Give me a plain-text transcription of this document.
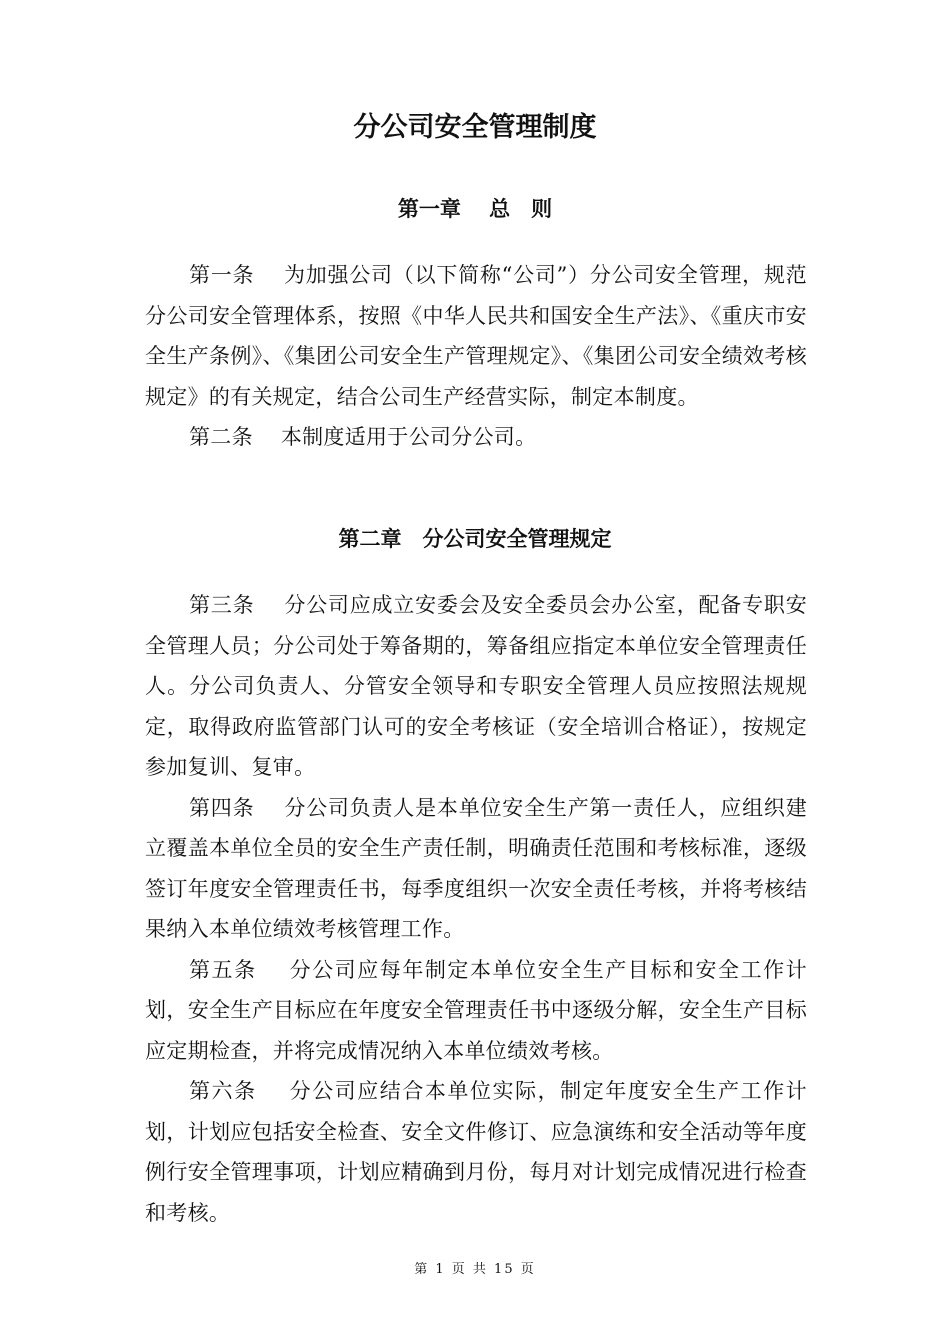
分公司安全管理制度
第一章　 总　则

第一条 为加强公司（以下简称“公司”）分公司安全管理，规范分公司安全管理体系，按照《中华人民共和国安全生产法》、《重庆市安全生产条例》、《集团公司安全生产管理规定》、《集团公司安全绩效考核规定》的有关规定，结合公司生产经营实际，制定本制度。

第二条 本制度适用于公司分公司。

第二章　分公司安全管理规定

第三条 分公司应成立安委会及安全委员会办公室，配备专职安全管理人员；分公司处于筹备期的，筹备组应指定本单位安全管理责任人。分公司负责人、分管安全领导和专职安全管理人员应按照法规规定，取得政府监管部门认可的安全考核证（安全培训合格证），按规定参加复训、复审。

第四条 分公司负责人是本单位安全生产第一责任人，应组织建立覆盖本单位全员的安全生产责任制，明确责任范围和考核标准，逐级签订年度安全管理责任书，每季度组织一次安全责任考核，并将考核结果纳入本单位绩效考核管理工作。

第五条 分公司应每年制定本单位安全生产目标和安全工作计划，安全生产目标应在年度安全管理责任书中逐级分解，安全生产目标应定期检查，并将完成情况纳入本单位绩效考核。

第六条 分公司应结合本单位实际，制定年度安全生产工作计划，计划应包括安全检查、安全文件修订、应急演练和安全活动等年度例行安全管理事项，计划应精确到月份，每月对计划完成情况进行检查和考核。

第 1 页 共 15 页
